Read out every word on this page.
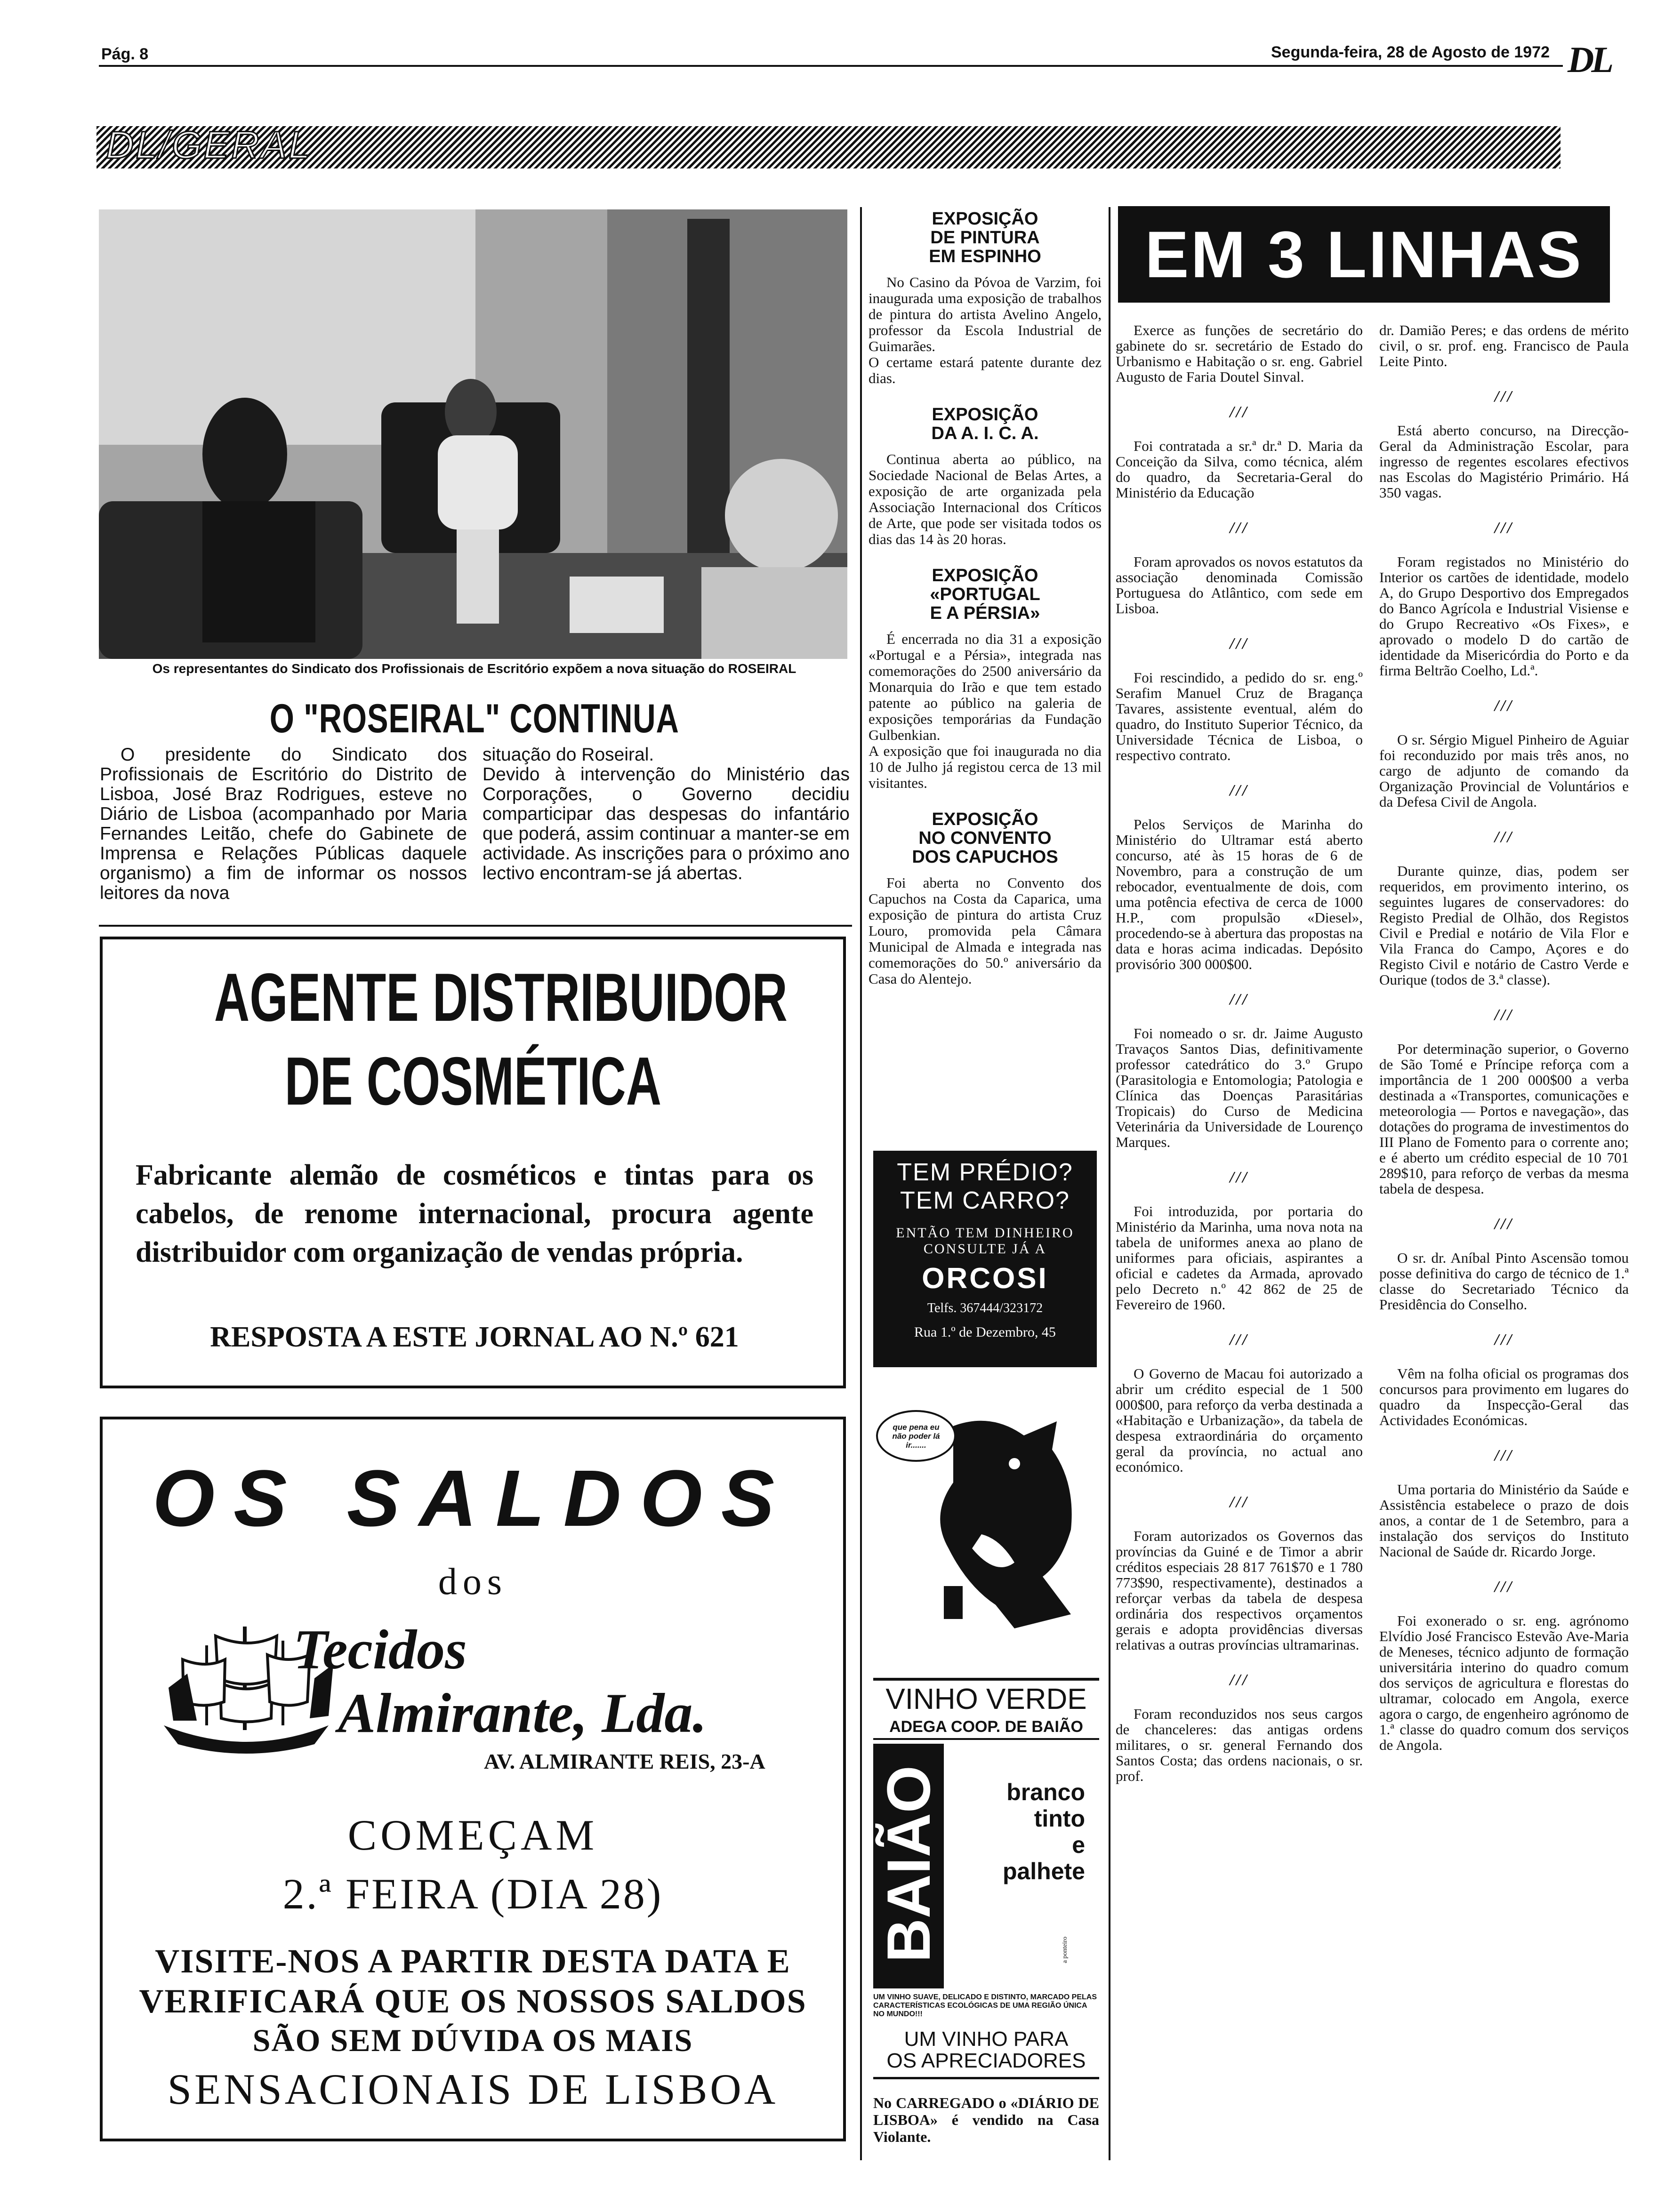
Pág. 8	Segunda-feira, 28 de Agosto de 1972 DL
DL/GERAL
Os representantes do Sindicato dos Profissionais de Escritório expõem a nova situação do ROSEIRAL
O "ROSEIRAL" CONTINUA
O presidente do Sindicato dos Profissionais de Escritório do Distrito de Lisboa, José Braz Rodrigues, esteve no Diário de Lisboa (acompanhado por Maria Fernandes Leitão, chefe do Gabinete de Imprensa e Relações Públicas daquele organismo) a fim de informar os nossos leitores da nova
situação do Roseiral.
Devido à intervenção do Ministério das Corporações, o Governo decidiu comparticipar das despesas do infantário que poderá, assim continuar a manter-se em actividade. As inscrições para o próximo ano lectivo encontram-se já abertas.
AGENTE DISTRIBUIDOR
DE COSMÉTICA
Fabricante alemão de cosméticos e tintas para os cabelos, de renome internacional, procura agente distribuidor com organização de vendas própria.
RESPOSTA A ESTE JORNAL AO N.º 621
OS SALDOS
dos
Tecidos
Almirante, Lda.
AV. ALMIRANTE REIS, 23-A
COMEÇAM
2.ª FEIRA (DIA 28)
VISITE-NOS A PARTIR DESTA DATA E
VERIFICARÁ QUE OS NOSSOS SALDOS
SÃO SEM DÚVIDA OS MAIS
SENSACIONAIS DE LISBOA
EXPOSIÇÃO
DE PINTURA
EM ESPINHO
No Casino da Póvoa de Varzim, foi inaugurada uma exposição de trabalhos de pintura do artista Avelino Angelo, professor da Escola Industrial de Guimarães.
O certame estará patente durante dez dias.
EXPOSIÇÃO
DA A. I. C. A.
Continua aberta ao público, na Sociedade Nacional de Belas Artes, a exposição de arte organizada pela Associação Internacional dos Críticos de Arte, que pode ser visitada todos os dias das 14 às 20 horas.
EXPOSIÇÃO
«PORTUGAL
E A PÉRSIA»
É encerrada no dia 31 a exposição «Portugal e a Pérsia», integrada nas comemorações do 2500 aniversário da Monarquia do Irão e que tem estado patente ao público na galeria de exposições temporárias da Fundação Gulbenkian.
A exposição que foi inaugurada no dia 10 de Julho já registou cerca de 13 mil visitantes.
EXPOSIÇÃO
NO CONVENTO
DOS CAPUCHOS
Foi aberta no Convento dos Capuchos na Costa da Caparica, uma exposição de pintura do artista Cruz Louro, promovida pela Câmara Municipal de Almada e integrada nas comemorações do 50.º aniversário da Casa do Alentejo.
TEM PRÉDIO?
TEM CARRO?
ENTÃO TEM DINHEIRO
CONSULTE JÁ A
ORCOSI
Telfs. 367444/323172
Rua 1.º de Dezembro, 45
que pena eu não poder lá ir.......
VINHO VERDE
ADEGA COOP. DE BAIÃO
BAIÃO	branco
tinto
e
palhete
a ponteiro
UM VINHO SUAVE, DELICADO E DISTINTO, MARCADO PELAS CARACTERÍSTICAS ECOLÓGICAS DE UMA REGIÃO ÚNICA NO MUNDO!!!
UM VINHO PARA
OS APRECIADORES
No CARREGADO o «DIÁRIO DE LISBOA» é vendido na Casa Violante.
EM 3 LINHAS
Exerce as funções de secretário do gabinete do sr. secretário de Estado do Urbanismo e Habitação o sr. eng. Gabriel Augusto de Faria Doutel Sinval.
///
Foi contratada a sr.ª dr.ª D. Maria da Conceição da Silva, como técnica, além do quadro, da Secretaria-Geral do Ministério da Educação
///
Foram aprovados os novos estatutos da associação denominada Comissão Portuguesa do Atlântico, com sede em Lisboa.
///
Foi rescindido, a pedido do sr. eng.º Serafim Manuel Cruz de Bragança Tavares, assistente eventual, além do quadro, do Instituto Superior Técnico, da Universidade Técnica de Lisboa, o respectivo contrato.
///
Pelos Serviços de Marinha do Ministério do Ultramar está aberto concurso, até às 15 horas de 6 de Novembro, para a construção de um rebocador, eventualmente de dois, com uma potência efectiva de cerca de 1000 H.P., com propulsão «Diesel», procedendo-se à abertura das propostas na data e horas acima indicadas. Depósito provisório 300 000$00.
///
Foi nomeado o sr. dr. Jaime Augusto Travaços Santos Dias, definitivamente professor catedrático do 3.º Grupo (Parasitologia e Entomologia; Patologia e Clínica das Doenças Parasitárias Tropicais) do Curso de Medicina Veterinária da Universidade de Lourenço Marques.
///
Foi introduzida, por portaria do Ministério da Marinha, uma nova nota na tabela de uniformes anexa ao plano de uniformes para oficiais, aspirantes a oficial e cadetes da Armada, aprovado pelo Decreto n.º 42 862 de 25 de Fevereiro de 1960.
///
O Governo de Macau foi autorizado a abrir um crédito especial de 1 500 000$00, para reforço da verba destinada a «Habitação e Urbanização», da tabela de despesa extraordinária do orçamento geral da província, no actual ano económico.
///
Foram autorizados os Governos das províncias da Guiné e de Timor a abrir créditos especiais 28 817 761$70 e 1 780 773$90, respectivamente), destinados a reforçar verbas da tabela de despesa ordinária dos respectivos orçamentos gerais e adopta providências diversas relativas a outras províncias ultramarinas.
///
Foram reconduzidos nos seus cargos de chanceleres: das antigas ordens militares, o sr. general Fernando dos Santos Costa; das ordens nacionais, o sr. prof.
dr. Damião Peres; e das ordens de mérito civil, o sr. prof. eng. Francisco de Paula Leite Pinto.
///
Está aberto concurso, na Direcção-Geral da Administração Escolar, para ingresso de regentes escolares efectivos nas Escolas do Magistério Primário. Há 350 vagas.
///
Foram registados no Ministério do Interior os cartões de identidade, modelo A, do Grupo Desportivo dos Empregados do Banco Agrícola e Industrial Visiense e do Grupo Recreativo «Os Fixes», e aprovado o modelo D do cartão de identidade da Misericórdia do Porto e da firma Beltrão Coelho, Ld.ª.
///
O sr. Sérgio Miguel Pinheiro de Aguiar foi reconduzido por mais três anos, no cargo de adjunto de comando da Organização Provincial de Voluntários e da Defesa Civil de Angola.
///
Durante quinze, dias, podem ser requeridos, em provimento interino, os seguintes lugares de conservadores: do Registo Predial de Olhão, dos Registos Civil e Predial e notário de Vila Flor e Vila Franca do Campo, Açores e do Registo Civil e notário de Castro Verde e Ourique (todos de 3.ª classe).
///
Por determinação superior, o Governo de São Tomé e Príncipe reforça com a importância de 1 200 000$00 a verba destinada a «Transportes, comunicações e meteorologia — Portos e navegação», das dotações do programa de investimentos do III Plano de Fomento para o corrente ano; e é aberto um crédito especial de 10 701 289$10, para reforço de verbas da mesma tabela de despesa.
///
O sr. dr. Aníbal Pinto Ascensão tomou posse definitiva do cargo de técnico de 1.ª classe do Secretariado Técnico da Presidência do Conselho.
///
Vêm na folha oficial os programas dos concursos para provimento em lugares do quadro da Inspecção-Geral das Actividades Económicas.
///
Uma portaria do Ministério da Saúde e Assistência estabelece o prazo de dois anos, a contar de 1 de Setembro, para a instalação dos serviços do Instituto Nacional de Saúde dr. Ricardo Jorge.
///
Foi exonerado o sr. eng. agrónomo Elvídio José Francisco Estevão Ave-Maria de Meneses, técnico adjunto de formação universitária interino do quadro comum dos serviços de agricultura e florestas do ultramar, colocado em Angola, exerce agora o cargo, de engenheiro agrónomo de 1.ª classe do quadro comum dos serviços de Angola.
